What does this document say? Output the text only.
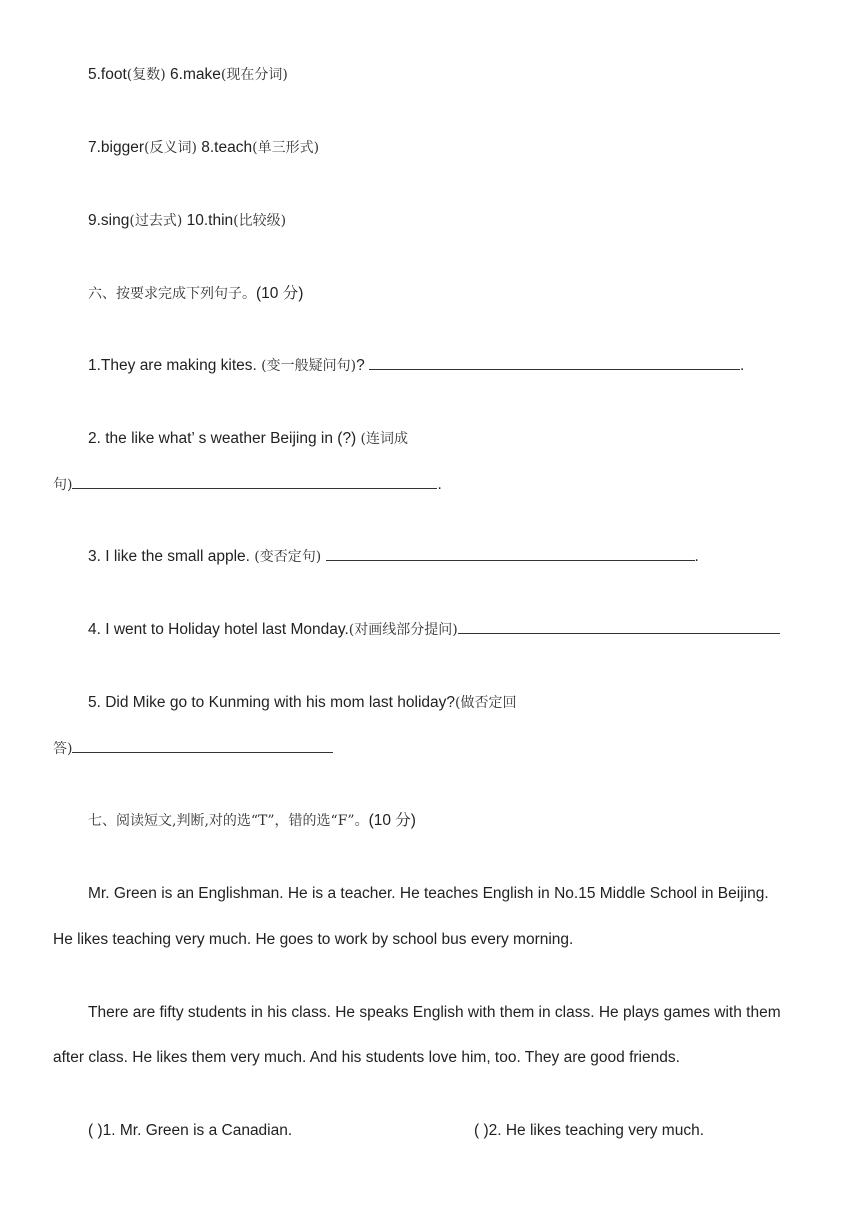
5.foot(复数) 6.make(现在分词)
7.bigger(反义词) 8.teach(单三形式)
9.sing(过去式) 10.thin(比较级)
六、按要求完成下列句子。(10 分)
1.They are making kites. (变一般疑问句)?	.
2. the like what’ s weather Beijing in (?) (连词成
句)	.
3. I like the small apple. (变否定句)	.
4. I went to Holiday hotel last Monday.(对画线部分提问)
5. Did Mike go to Kunming with his mom last holiday?(做否定回
答)
七、阅读短文,判断,对的选“T”，错的选“F”。(10 分)
Mr. Green is an Englishman. He is a teacher. He teaches English in No.15 Middle School in Beijing.
He likes teaching very much. He goes to work by school bus every morning.
There are fifty students in his class. He speaks English with them in class. He plays games with them
after class. He likes them very much. And his students love him, too. They are good friends.
( )1. Mr. Green is a Canadian.	( )2. He likes teaching very much.
